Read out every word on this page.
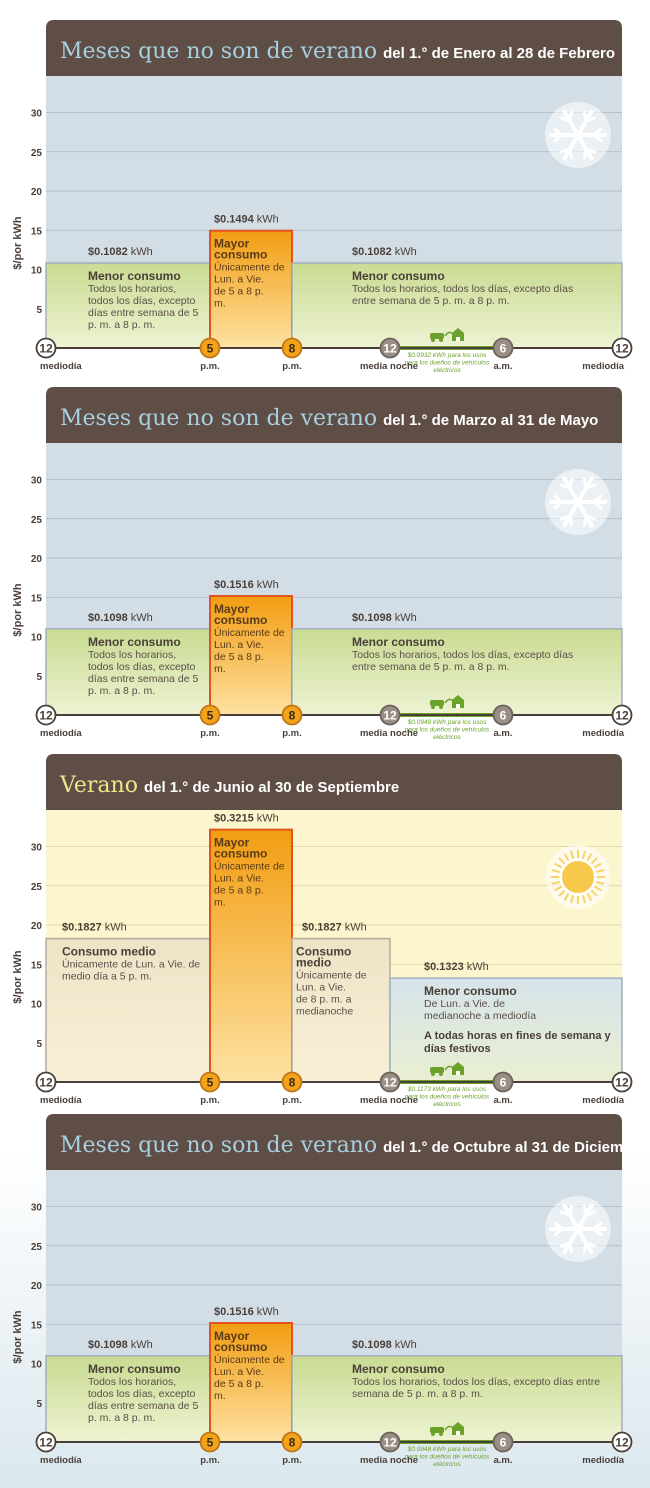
Meses que no son de verano del 1.° de Enero al 28 de Febrero
30
25
20
15
10
5
$/por kWh	$0.1082 kWh
Menor consumo
Todos los horarios, todos los días, excepto días entre semana de 5 p. m. a 8 p. m.
$0.1494 kWh
Mayor consumo
Únicamente de Lun. a Vie. de 5 a 8 p. m.
$0.1082 kWh
Menor consumo
Todos los horarios, todos los días, excepto días entre semana de 5 p. m. a 8 p. m.
$0.0932 kWh para los usos para los dueños de vehículos eléctricos
12
mediodía
5
p.m.
8
p.m.
12
media noche
6
a.m.
12
mediodía
Meses que no son de verano del 1.° de Marzo al 31 de Mayo
30
25
20
15
10
5
$/por kWh	$0.1098 kWh
Menor consumo
Todos los horarios, todos los días, excepto días entre semana de 5 p. m. a 8 p. m.
$0.1516 kWh
Mayor consumo
Únicamente de Lun. a Vie. de 5 a 8 p. m.
$0.1098 kWh
Menor consumo
Todos los horarios, todos los días, excepto días entre semana de 5 p. m. a 8 p. m.
$0.0948 kWh para los usos para los dueños de vehículos eléctricos
12
mediodía
5
p.m.
8
p.m.
12
media noche
6
a.m.
12
mediodía
Verano del 1.° de Junio al 30 de Septiembre
30
25
20
15
10
5
$/por kWh
$0.1827 kWh
Consumo medio
Únicamente de Lun. a Vie. de medio día a 5 p. m.
$0.3215 kWh
Mayor consumo
Únicamente de Lun. a Vie. de 5 a 8 p. m.
$0.1827 kWh
Consumo medio
Únicamente de Lun. a Vie. de 8 p. m. a medianoche
$0.1323 kWh
Menor consumo
De Lun. a Vie. de medianoche a mediodía
A todas horas en fines de semana y días festivos
$0.1173 kWh para los usos para los dueños de vehículos eléctricos
12
mediodía
5
p.m.
8
p.m.
12
media noche
6
a.m.
12
mediodía
Meses que no son de verano del 1.° de Octubre al 31 de Diciembre
30
25
20
15
10
5
$/por kWh	$0.1098 kWh
Menor consumo
Todos los horarios, todos los días, excepto días entre semana de 5 p. m. a 8 p. m.
$0.1516 kWh
Mayor consumo
Únicamente de Lun. a Vie. de 5 a 8 p. m.
$0.1098 kWh
Menor consumo
Todos los horarios, todos los días, excepto días entre semana de 5 p. m. a 8 p. m.
$0.0948 kWh para los usos para los dueños de vehículos eléctricos
12
mediodía
5
p.m.
8
p.m.
12
media noche
6
a.m.
12
mediodía
